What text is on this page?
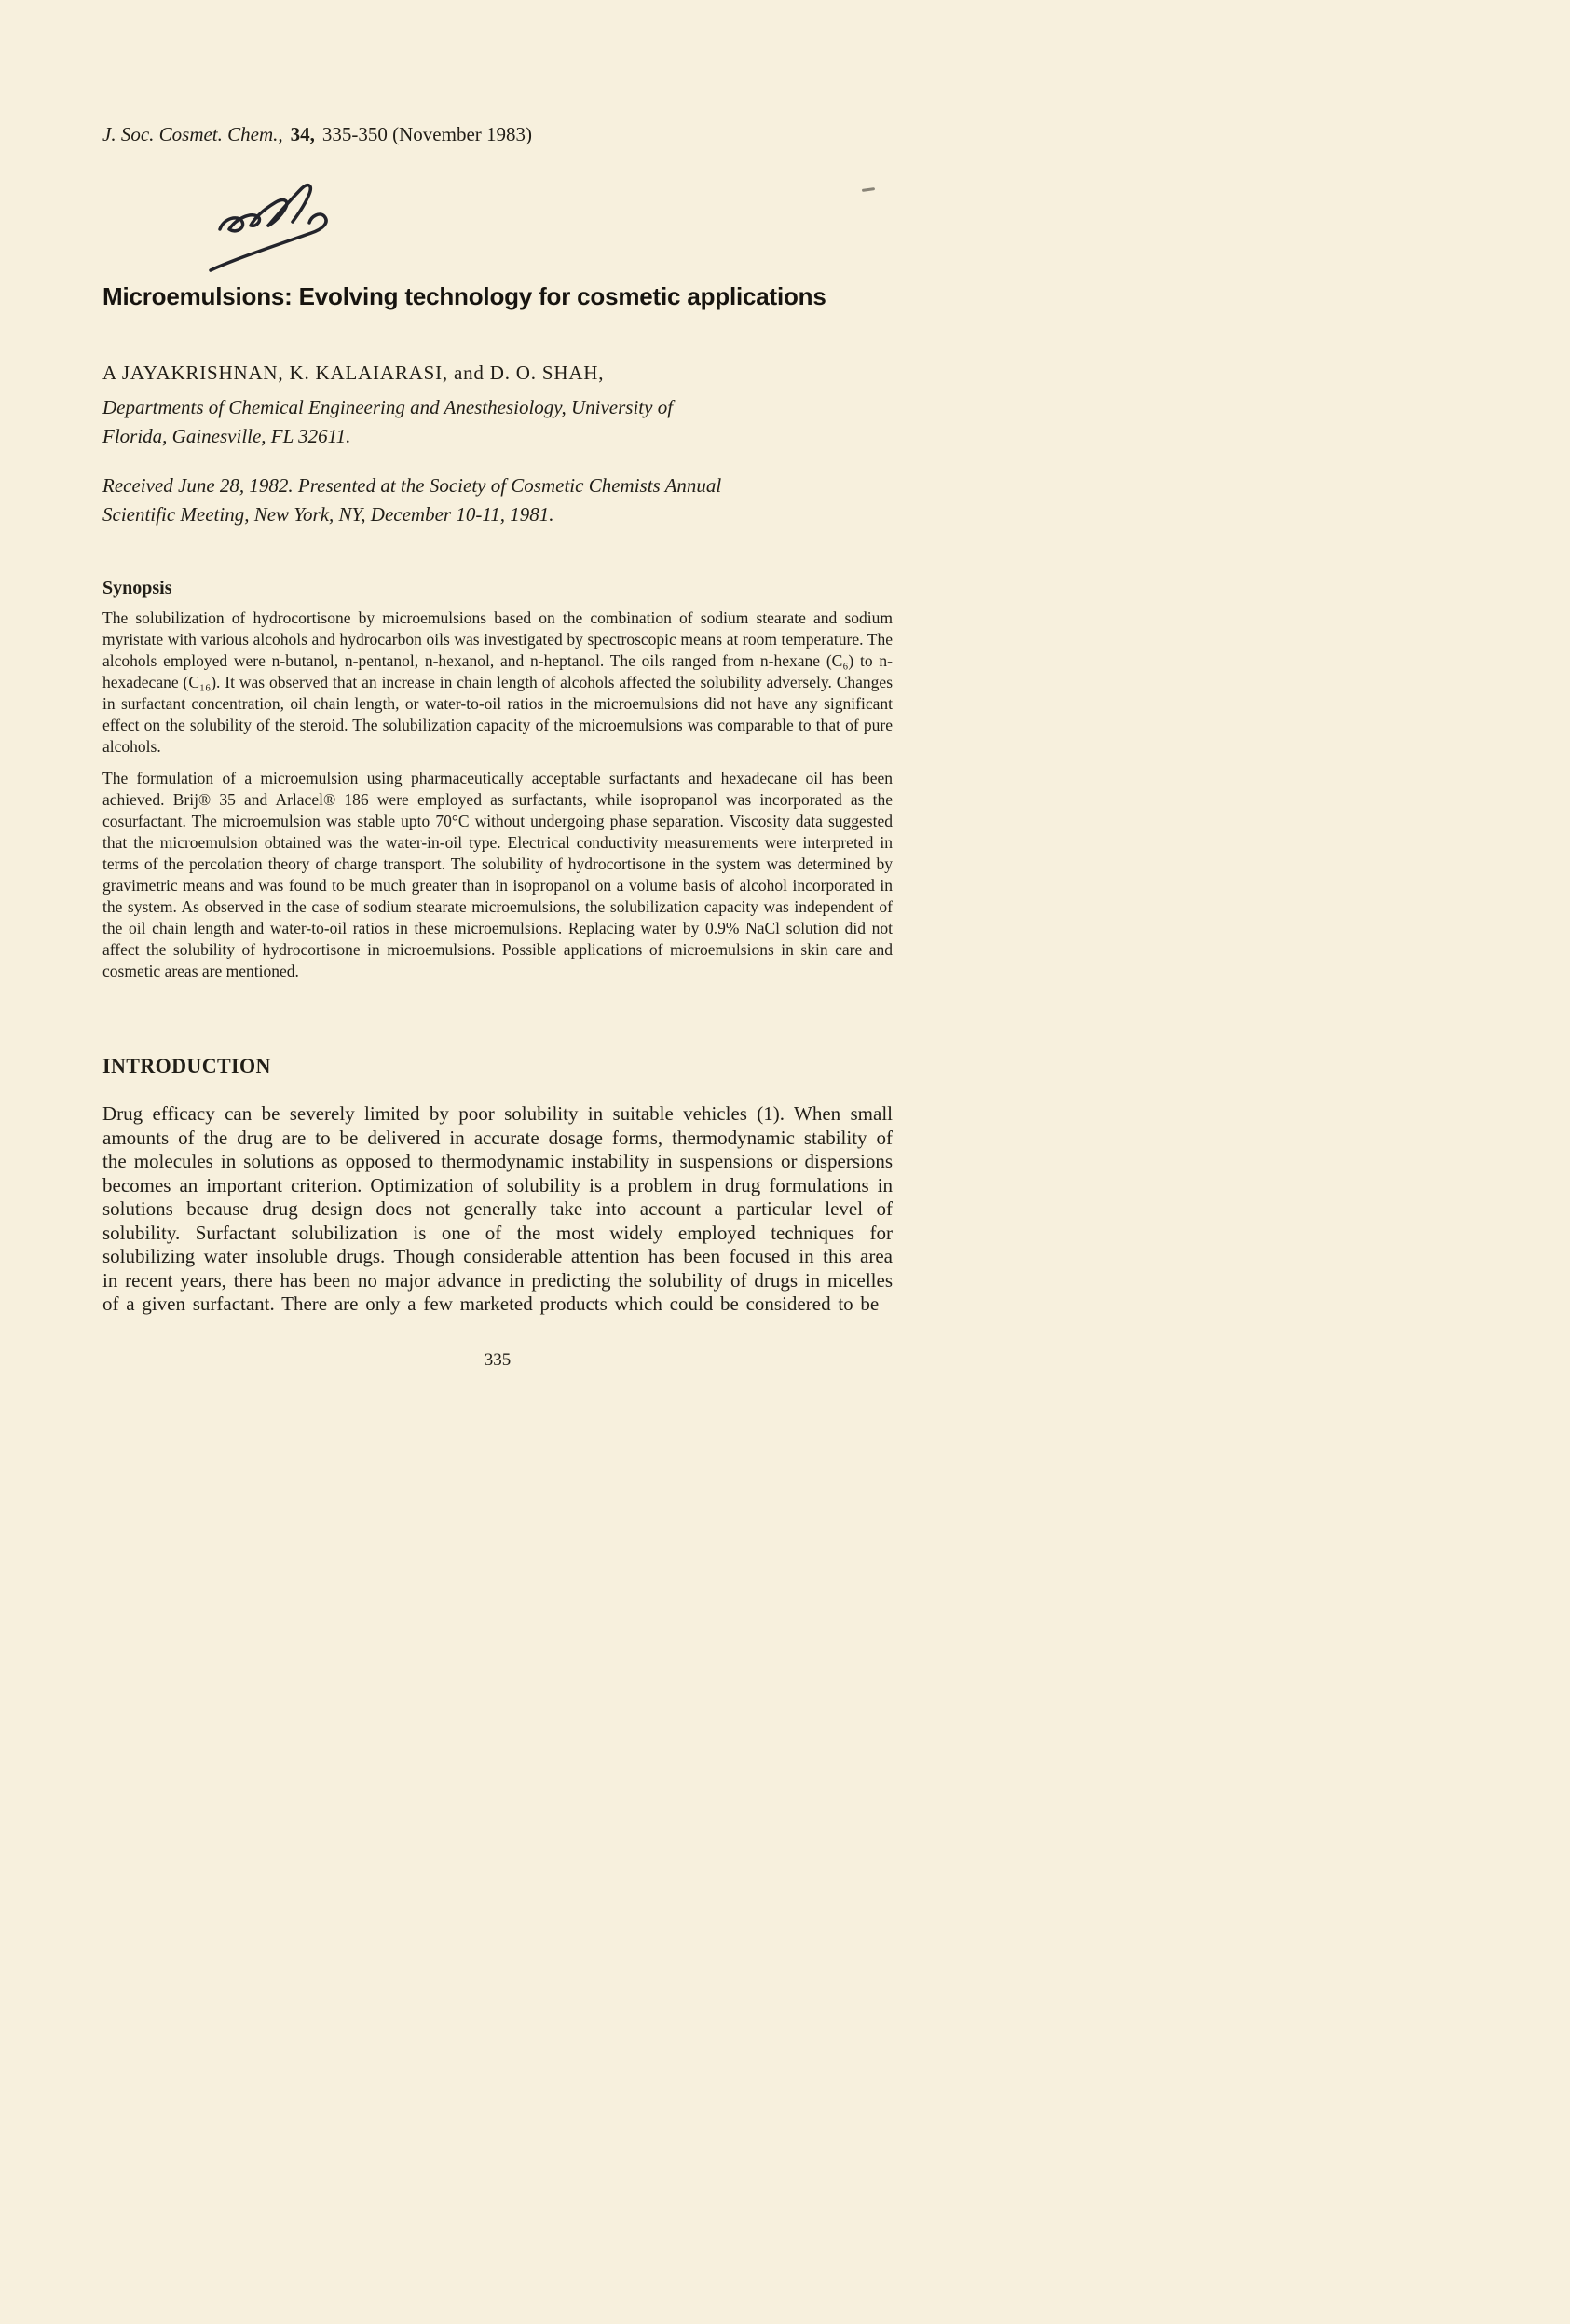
J. Soc. Cosmet. Chem., 34, 335-350 (November 1983)
Microemulsions: Evolving technology for cosmetic applications
A JAYAKRISHNAN, K. KALAIARASI, and D. O. SHAH,
Departments of Chemical Engineering and Anesthesiology, University of Florida, Gainesville, FL 32611.
Received June 28, 1982. Presented at the Society of Cosmetic Chemists Annual Scientific Meeting, New York, NY, December 10-11, 1981.
Synopsis

The solubilization of hydrocortisone by microemulsions based on the combination of sodium stearate and sodium myristate with various alcohols and hydrocarbon oils was investigated by spectroscopic means at room temperature. The alcohols employed were n-butanol, n-pentanol, n-hexanol, and n-heptanol. The oils ranged from n-hexane (C₆) to n-hexadecane (C₁₆). It was observed that an increase in chain length of alcohols affected the solubility adversely. Changes in surfactant concentration, oil chain length, or water-to-oil ratios in the microemulsions did not have any significant effect on the solubility of the steroid. The solubilization capacity of the microemulsions was comparable to that of pure alcohols.

The formulation of a microemulsion using pharmaceutically acceptable surfactants and hexadecane oil has been achieved. Brij® 35 and Arlacel® 186 were employed as surfactants, while isopropanol was incorporated as the cosurfactant. The microemulsion was stable upto 70°C without undergoing phase separation. Viscosity data suggested that the microemulsion obtained was the water-in-oil type. Electrical conductivity measurements were interpreted in terms of the percolation theory of charge transport. The solubility of hydrocortisone in the system was determined by gravimetric means and was found to be much greater than in isopropanol on a volume basis of alcohol incorporated in the system. As observed in the case of sodium stearate microemulsions, the solubilization capacity was independent of the oil chain length and water-to-oil ratios in these microemulsions. Replacing water by 0.9% NaCl solution did not affect the solubility of hydrocortisone in microemulsions. Possible applications of microemulsions in skin care and cosmetic areas are mentioned.

INTRODUCTION

Drug efficacy can be severely limited by poor solubility in suitable vehicles (1). When small amounts of the drug are to be delivered in accurate dosage forms, thermodynamic stability of the molecules in solutions as opposed to thermodynamic instability in suspensions or dispersions becomes an important criterion. Optimization of solubility is a problem in drug formulations in solutions because drug design does not generally take into account a particular level of solubility. Surfactant solubilization is one of the most widely employed techniques for solubilizing water insoluble drugs. Though considerable attention has been focused in this area in recent years, there has been no major advance in predicting the solubility of drugs in micelles of a given surfactant. There are only a few marketed products which could be considered to be

335
